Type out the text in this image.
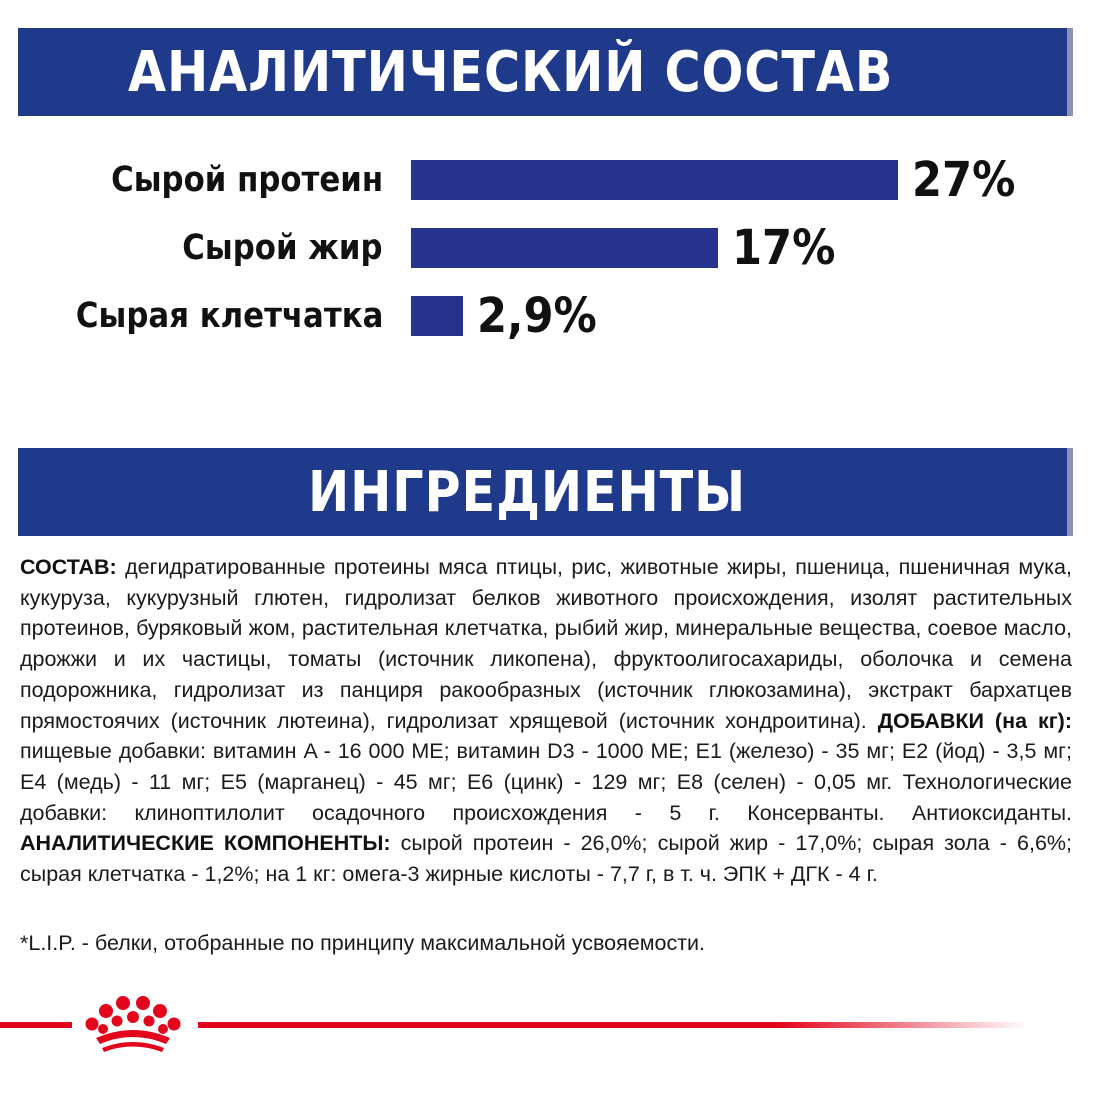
АНАЛИТИЧЕСКИЙ СОСТАВ
Сырой протеин	27%
Сырой жир	17%
Сырая клетчатка 2,9%
ИНГРЕДИЕНТЫ
СОСТАВ: дегидратированные протеины мяса птицы, рис, животные жиры, пшеница, пшеничная мука, кукуруза, кукурузный глютен, гидролизат белков животного происхождения, изолят растительных протеинов, буряковый жом, растительная клетчатка, рыбий жир, минеральные вещества, соевое масло, дрожжи и их частицы, томаты (источник ликопена), фруктоолигосахариды, оболочка и семена подорожника, гидролизат из панциря ракообразных (источник глюкозамина), экстракт бархатцев прямостоячих (источник лютеина), гидролизат хрящевой (источник хондроитина). ДОБАВКИ (на кг): пищевые добавки: витамин A - 16 000 МЕ; витамин D3 - 1000 МЕ; E1 (железо) - 35 мг; E2 (йод) - 3,5 мг; E4 (медь) - 11 мг; E5 (марганец) - 45 мг; E6 (цинк) - 129 мг; E8 (селен) - 0,05 мг. Технологические добавки: клиноптилолит осадочного происхождения - 5 г. Консерванты. Антиоксиданты. АНАЛИТИЧЕСКИЕ КОМПОНЕНТЫ: сырой протеин - 26,0%; сырой жир - 17,0%; сырая зола - 6,6%; сырая клетчатка - 1,2%; на 1 кг: омега-3 жирные кислоты - 7,7 г, в т. ч. ЭПК + ДГК - 4 г.
*L.I.P. - белки, отобранные по принципу максимальной усвояемости.
